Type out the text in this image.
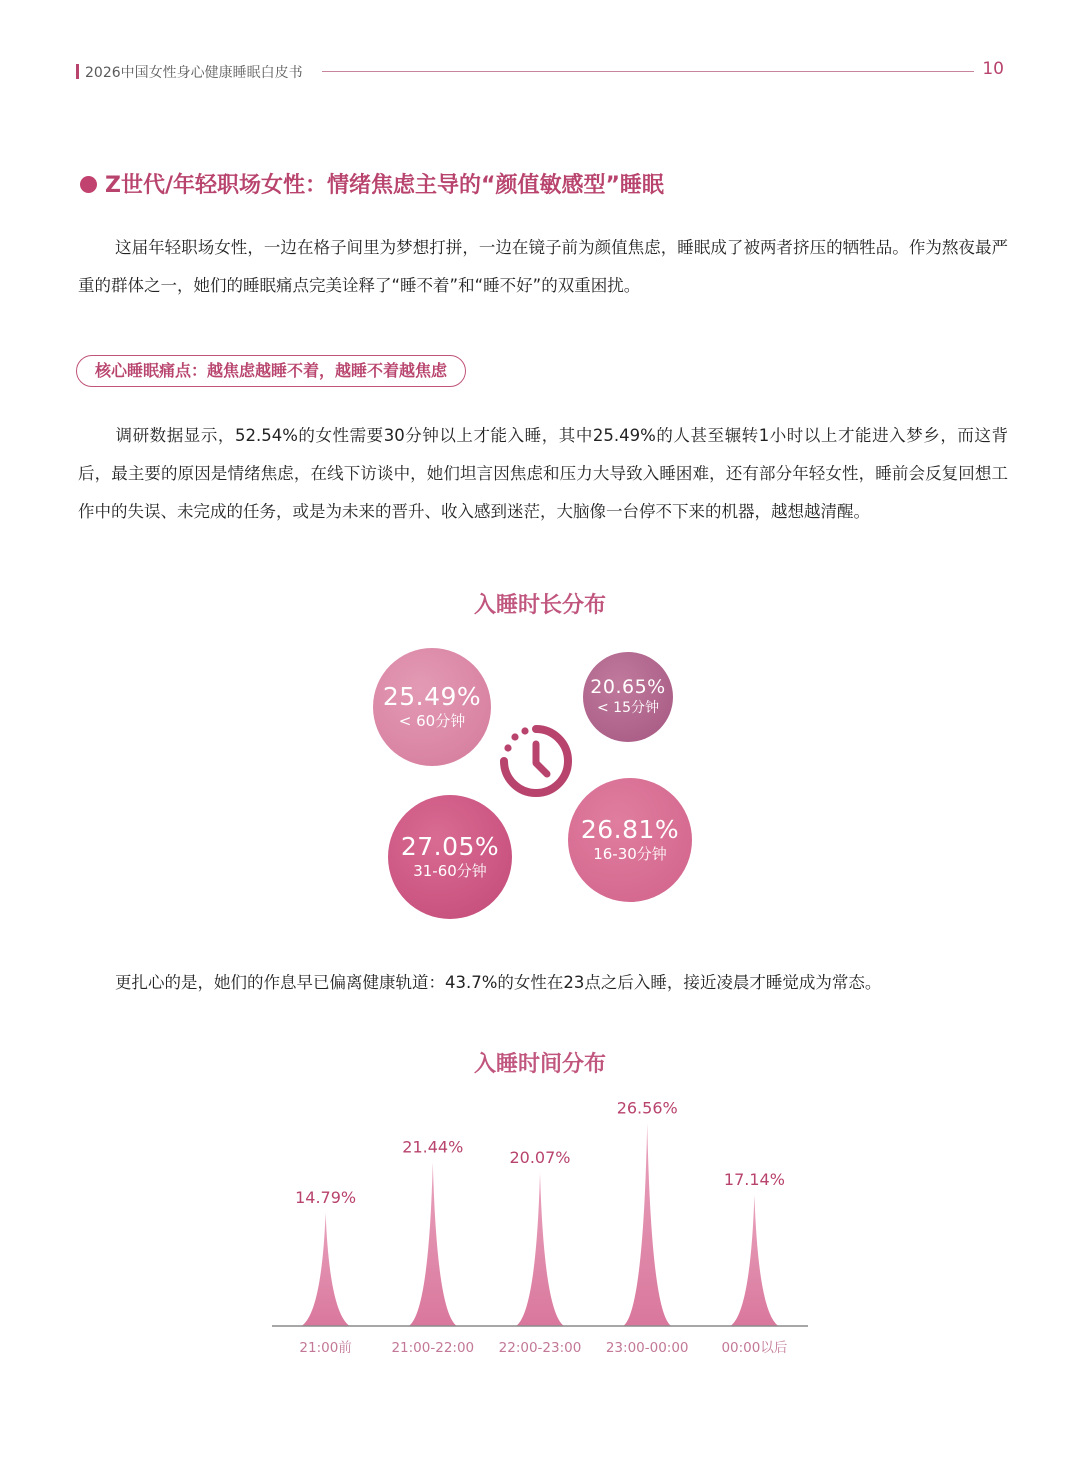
2026中国女性身心健康睡眠白皮书	10
Z世代/年轻职场女性：情绪焦虑主导的“颜值敏感型”睡眠
这届年轻职场女性，一边在格子间里为梦想打拼，一边在镜子前为颜值焦虑，睡眠成了被两者挤压的牺牲品。作为熬夜最严重的群体之一，她们的睡眠痛点完美诠释了“睡不着”和“睡不好”的双重困扰。
核心睡眠痛点：越焦虑越睡不着，越睡不着越焦虑
调研数据显示，52.54%的女性需要30分钟以上才能入睡，其中25.49%的人甚至辗转1小时以上才能进入梦乡，而这背后，最主要的原因是情绪焦虑，在线下访谈中，她们坦言因焦虑和压力大导致入睡困难，还有部分年轻女性，睡前会反复回想工作中的失误、未完成的任务，或是为未来的晋升、收入感到迷茫，大脑像一台停不下来的机器，越想越清醒。
入睡时长分布
25.49%
< 60分钟
20.65%
< 15分钟
27.05%
31-60分钟
26.81%
16-30分钟
更扎心的是，她们的作息早已偏离健康轨道：43.7%的女性在23点之后入睡，接近凌晨才睡觉成为常态。
入睡时间分布
14.79%
21:00前
21.44%
21:00-22:00
20.07%
22:00-23:00
26.56%
23:00-00:00
17.14%
00:00以后
